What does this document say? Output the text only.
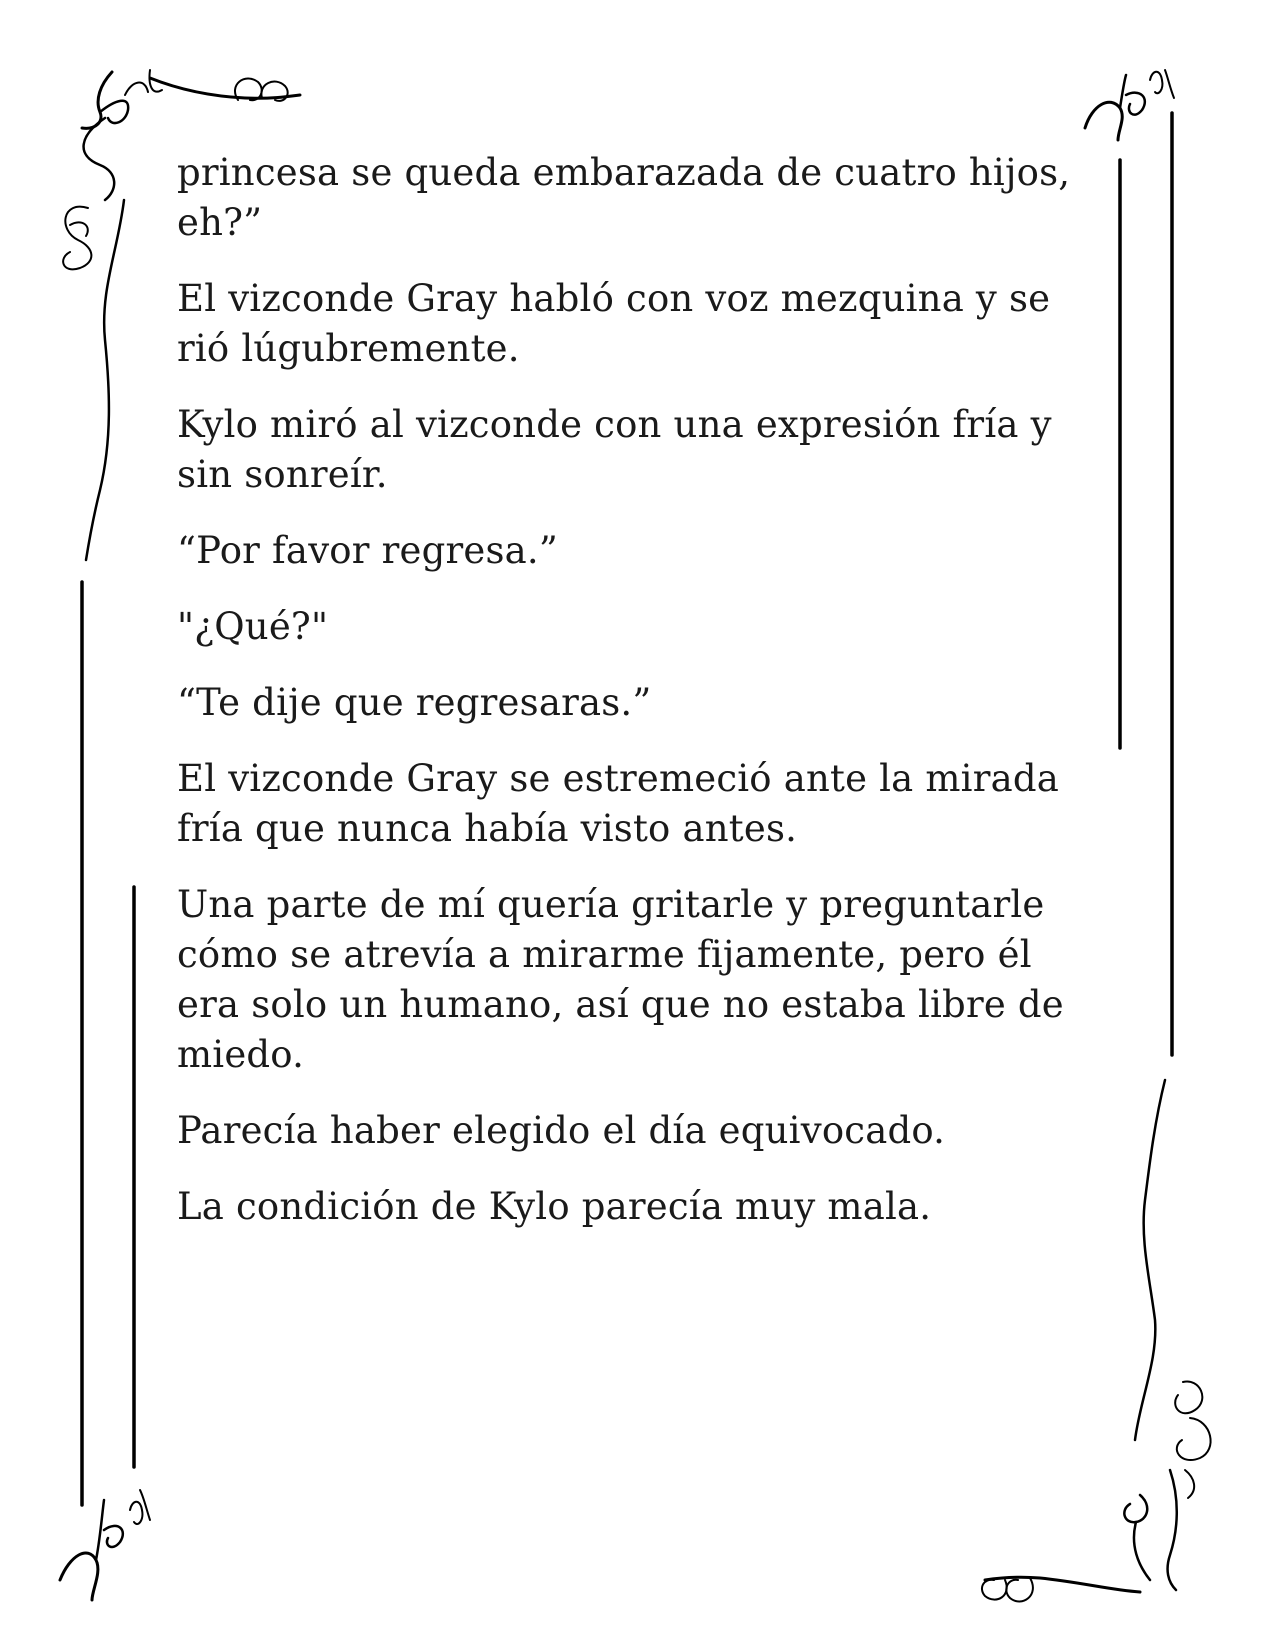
princesa se queda embarazada de cuatro hijos, eh?”

El vizconde Gray habló con voz mezquina y se rió lúgubremente.

Kylo miró al vizconde con una expresión fría y sin sonreír.

“Por favor regresa.”

"¿Qué?"

“Te dije que regresaras.”

El vizconde Gray se estremeció ante la mirada fría que nunca había visto antes.

Una parte de mí quería gritarle y preguntarle cómo se atrevía a mirarme fijamente, pero él era solo un humano, así que no estaba libre de miedo.

Parecía haber elegido el día equivocado.

La condición de Kylo parecía muy mala.
